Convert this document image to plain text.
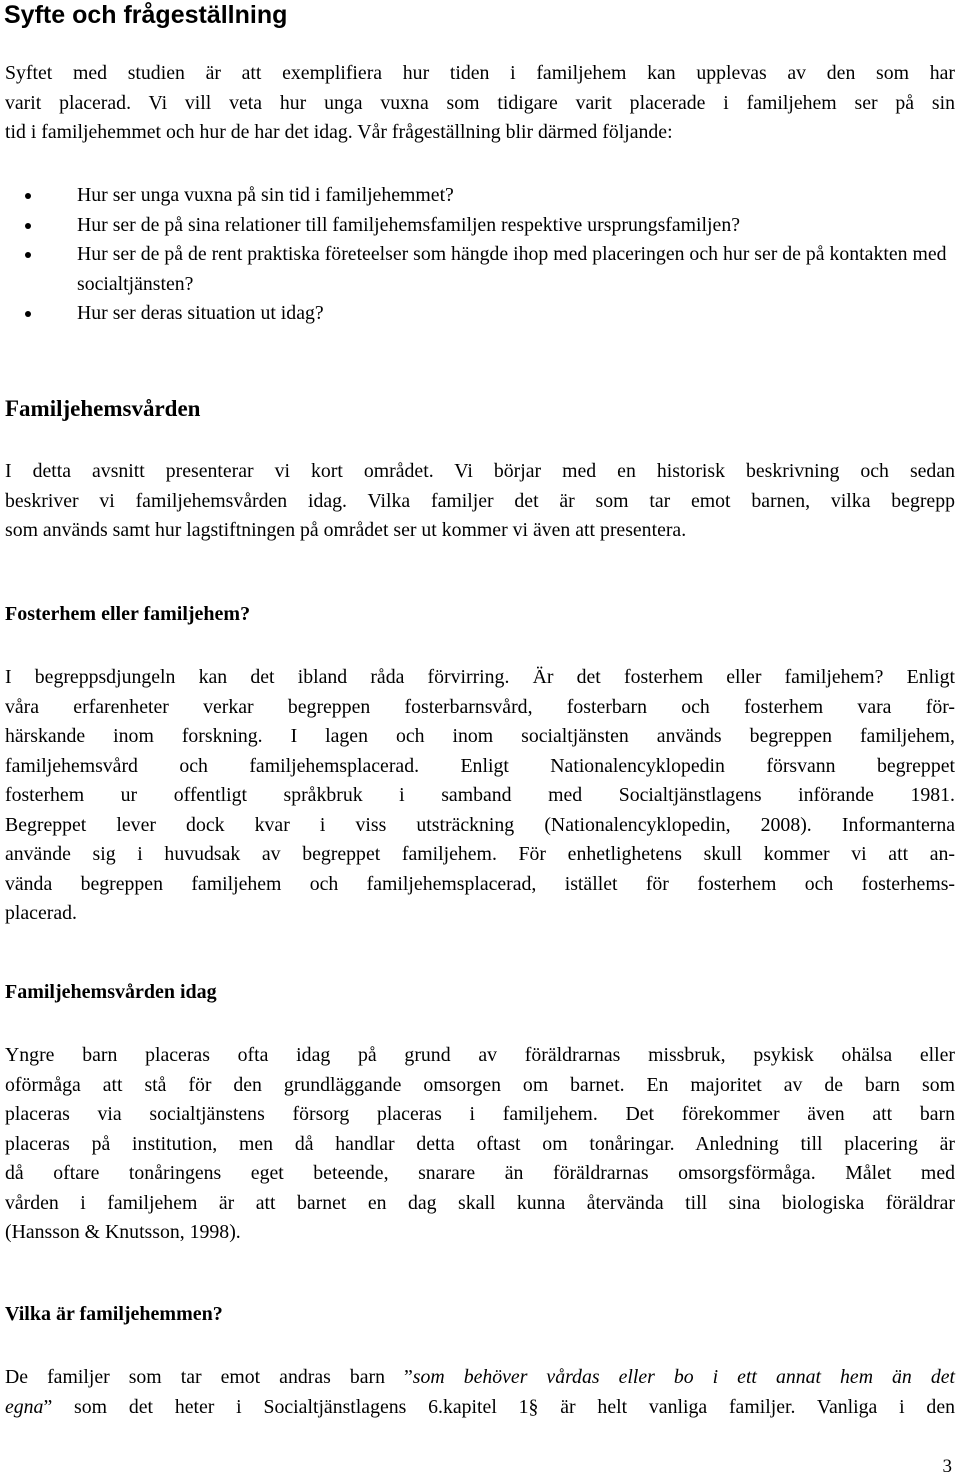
Syfte och frågeställning
Syftet med studien är att exemplifiera hur tiden i familjehem kan upplevas av den som har
varit placerad. Vi vill veta hur unga vuxna som tidigare varit placerade i familjehem ser på sin
tid i familjehemmet och hur de har det idag. Vår frågeställning blir därmed följande:
Hur ser unga vuxna på sin tid i familjehemmet?
Hur ser de på sina relationer till familjehemsfamiljen respektive ursprungsfamiljen?
Hur ser de på de rent praktiska företeelser som hängde ihop med placeringen och hur ser de på kontakten med socialtjänsten?
Hur ser deras situation ut idag?
Familjehemsvården
I detta avsnitt presenterar vi kort området. Vi börjar med en historisk beskrivning och sedan
beskriver vi familjehemsvården idag. Vilka familjer det är som tar emot barnen, vilka begrepp
som används samt hur lagstiftningen på området ser ut kommer vi även att presentera.
Fosterhem eller familjehem?
I begreppsdjungeln kan det ibland råda förvirring. Är det fosterhem eller familjehem? Enligt
våra erfarenheter verkar begreppen fosterbarnsvård, fosterbarn och fosterhem vara för-
härskande inom forskning. I lagen och inom socialtjänsten används begreppen familjehem,
familjehemsvård och familjehemsplacerad. Enligt Nationalencyklopedin försvann begreppet
fosterhem ur offentligt språkbruk i samband med Socialtjänstlagens införande 1981.
Begreppet lever dock kvar i viss utsträckning (Nationalencyklopedin, 2008). Informanterna
använde sig i huvudsak av begreppet familjehem. För enhetlighetens skull kommer vi att an-
vända begreppen familjehem och familjehemsplacerad, istället för fosterhem och fosterhems-
placerad.
Familjehemsvården idag
Yngre barn placeras ofta idag på grund av föräldrarnas missbruk, psykisk ohälsa eller
oförmåga att stå för den grundläggande omsorgen om barnet. En majoritet av de barn som
placeras via socialtjänstens försorg placeras i familjehem. Det förekommer även att barn
placeras på institution, men då handlar detta oftast om tonåringar. Anledning till placering är
då oftare tonåringens eget beteende, snarare än föräldrarnas omsorgsförmåga. Målet med
vården i familjehem är att barnet en dag skall kunna återvända till sina biologiska föräldrar
(Hansson & Knutsson, 1998).
Vilka är familjehemmen?
De familjer som tar emot andras barn ”som behöver vårdas eller bo i ett annat hem än det
egna” som det heter i Socialtjänstlagens 6.kapitel 1§ är helt vanliga familjer. Vanliga i den
3
